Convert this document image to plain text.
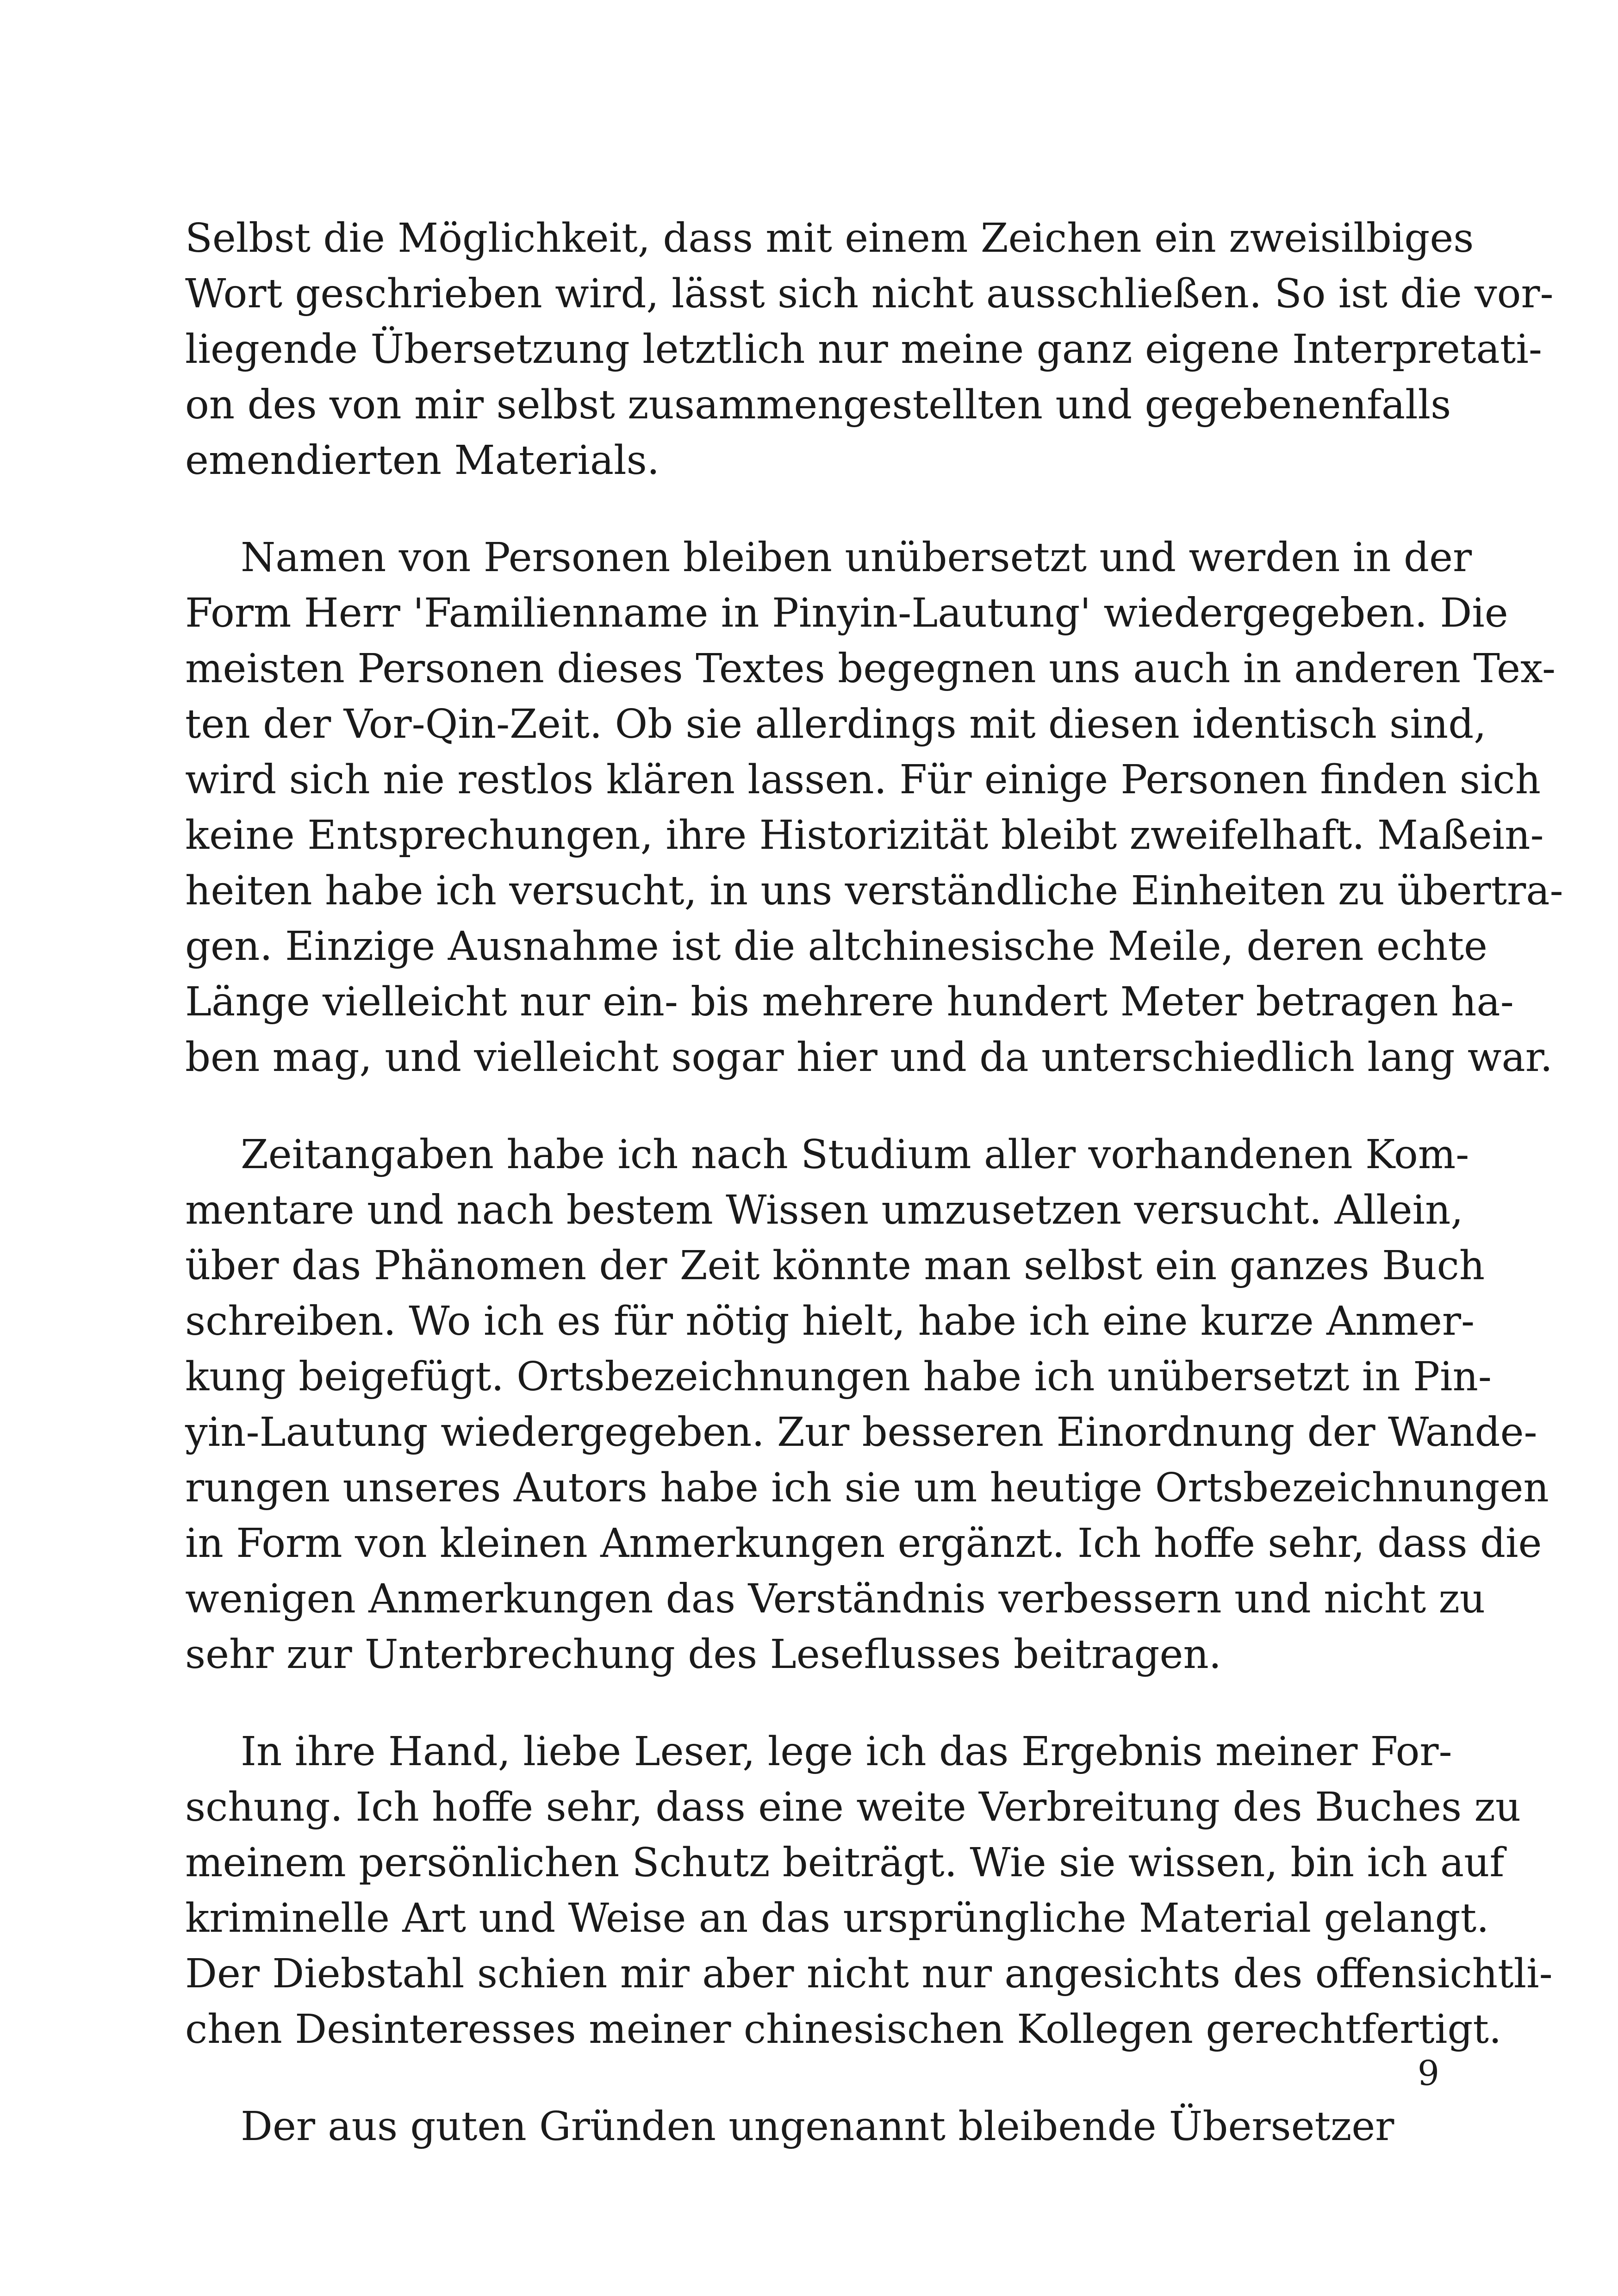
Selbst die Möglichkeit, dass mit einem Zeichen ein zweisilbiges
Wort geschrieben wird, lässt sich nicht ausschließen. So ist die vor-
liegende Übersetzung letztlich nur meine ganz eigene Interpretati-
on des von mir selbst zusammengestellten und gegebenenfalls
emendierten Materials.
Namen von Personen bleiben unübersetzt und werden in der
Form Herr 'Familienname in Pinyin-Lautung' wiedergegeben. Die
meisten Personen dieses Textes begegnen uns auch in anderen Tex-
ten der Vor-Qin-Zeit. Ob sie allerdings mit diesen identisch sind,
wird sich nie restlos klären lassen. Für einige Personen finden sich
keine Entsprechungen, ihre Historizität bleibt zweifelhaft. Maßein-
heiten habe ich versucht, in uns verständliche Einheiten zu übertra-
gen. Einzige Ausnahme ist die altchinesische Meile, deren echte
Länge vielleicht nur ein- bis mehrere hundert Meter betragen ha-
ben mag, und vielleicht sogar hier und da unterschiedlich lang war.
Zeitangaben habe ich nach Studium aller vorhandenen Kom-
mentare und nach bestem Wissen umzusetzen versucht. Allein,
über das Phänomen der Zeit könnte man selbst ein ganzes Buch
schreiben. Wo ich es für nötig hielt, habe ich eine kurze Anmer-
kung beigefügt. Ortsbezeichnungen habe ich unübersetzt in Pin-
yin-Lautung wiedergegeben. Zur besseren Einordnung der Wande-
rungen unseres Autors habe ich sie um heutige Ortsbezeichnungen
in Form von kleinen Anmerkungen ergänzt. Ich hoffe sehr, dass die
wenigen Anmerkungen das Verständnis verbessern und nicht zu
sehr zur Unterbrechung des Leseflusses beitragen.
In ihre Hand, liebe Leser, lege ich das Ergebnis meiner For-
schung. Ich hoffe sehr, dass eine weite Verbreitung des Buches zu
meinem persönlichen Schutz beiträgt. Wie sie wissen, bin ich auf
kriminelle Art und Weise an das ursprüngliche Material gelangt.
Der Diebstahl schien mir aber nicht nur angesichts des offensichtli-
chen Desinteresses meiner chinesischen Kollegen gerechtfertigt.
Der aus guten Gründen ungenannt bleibende Übersetzer
9
